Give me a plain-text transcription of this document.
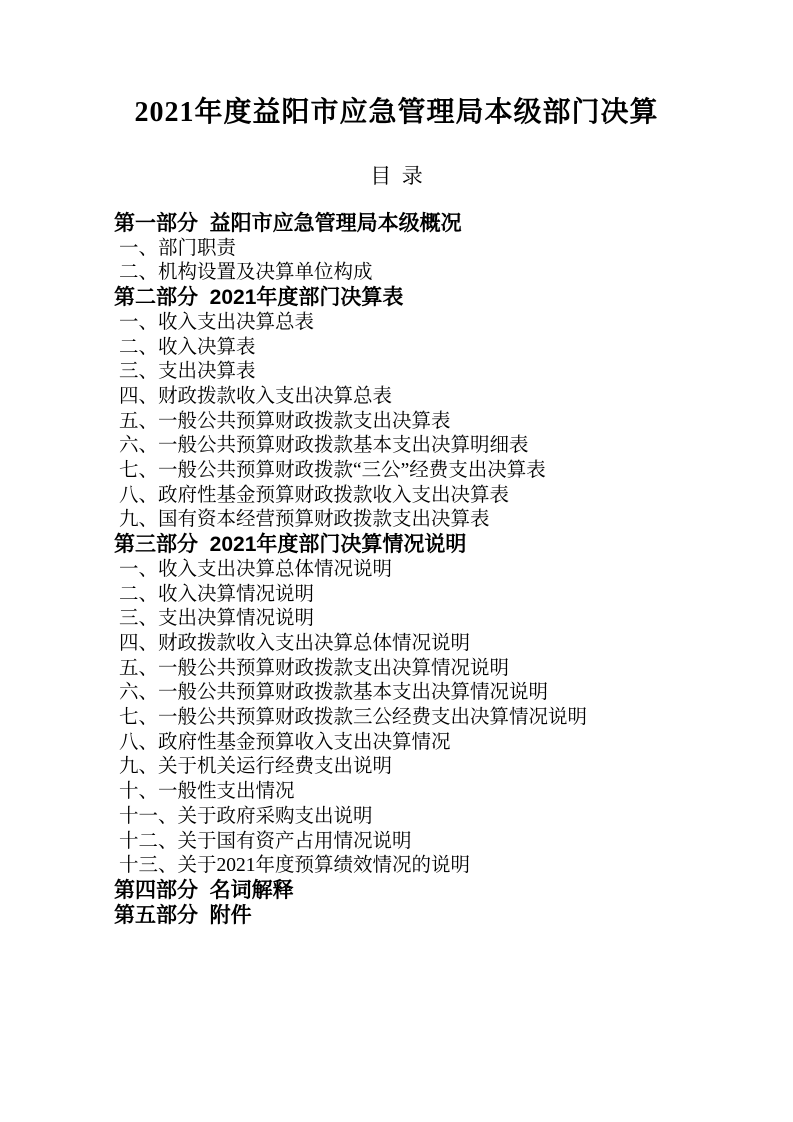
2021年度益阳市应急管理局本级部门决算
目  录
第一部分  益阳市应急管理局本级概况
一、部门职责
二、机构设置及决算单位构成
第二部分  2021年度部门决算表
一、收入支出决算总表
二、收入决算表
三、支出决算表
四、财政拨款收入支出决算总表
五、一般公共预算财政拨款支出决算表
六、一般公共预算财政拨款基本支出决算明细表
七、一般公共预算财政拨款“三公”经费支出决算表
八、政府性基金预算财政拨款收入支出决算表
九、国有资本经营预算财政拨款支出决算表
第三部分  2021年度部门决算情况说明
一、收入支出决算总体情况说明
二、收入决算情况说明
三、支出决算情况说明
四、财政拨款收入支出决算总体情况说明
五、一般公共预算财政拨款支出决算情况说明
六、一般公共预算财政拨款基本支出决算情况说明
七、一般公共预算财政拨款三公经费支出决算情况说明
八、政府性基金预算收入支出决算情况
九、关于机关运行经费支出说明
十、一般性支出情况
十一、关于政府采购支出说明
十二、关于国有资产占用情况说明
十三、关于2021年度预算绩效情况的说明
第四部分  名词解释
第五部分  附件
